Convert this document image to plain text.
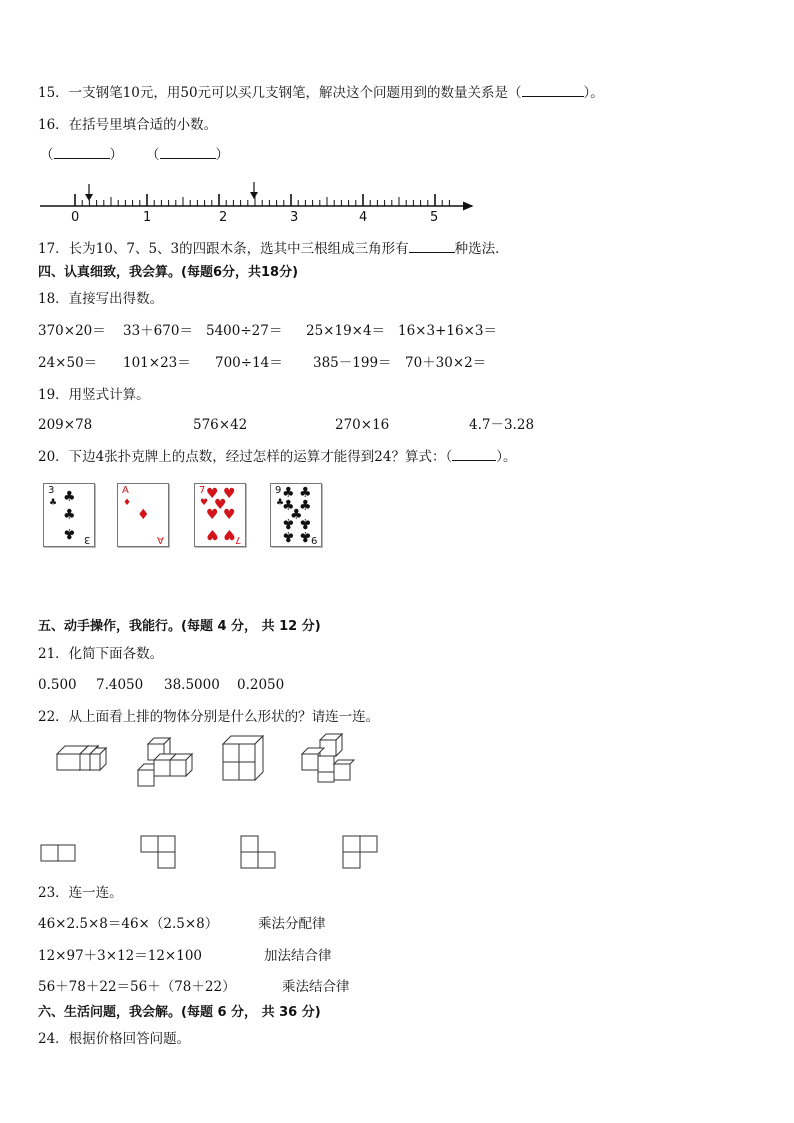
15．一支钢笔10元，用50元可以买几支钢笔，解决这个问题用到的数量关系是（	）。
16．在括号里填合适的小数。
（	） （	）
0	1	2	3	4	5
17．长为10、7、5、3的四跟木条，选其中三根组成三角形有	种选法．
四、认真细致，我会算。(每题6分，共18分)
18．直接写出得数。
370×20＝ 33＋670＝ 5400÷27＝ 25×19×4＝ 16×3+16×3＝
24×50＝ 101×23＝ 700÷14＝ 385－199＝ 70＋30×2＝
19．用竖式计算。
209×78	576×42	270×16	4.7－3.28
20．下边4张扑克牌上的点数，经过怎样的运算才能得到24？算式：（	）。
3
♣ ♣
♣
♣ 3
A
♦
♦
A
7
♥
♥ ♥
♥
♥ ♥
♥ ♥ 7
9
♣
♣ ♣
♣ ♣
♣
♣ ♣
♣ ♣ 9
五、动手操作，我能行。(每题 4 分， 共 12 分)
21．化简下面各数。
0.500 7.4050 38.5000 0.2050
22．从上面看上排的物体分别是什么形状的？请连一连。
23．连一连。
46×2.5×8＝46×（2.5×8）
12×97＋3×12＝12×100
56＋78＋22＝56＋（78＋22）
乘法分配律
加法结合律
乘法结合律
六、生活问题，我会解。(每题 6 分， 共 36 分)
24．根据价格回答问题。
